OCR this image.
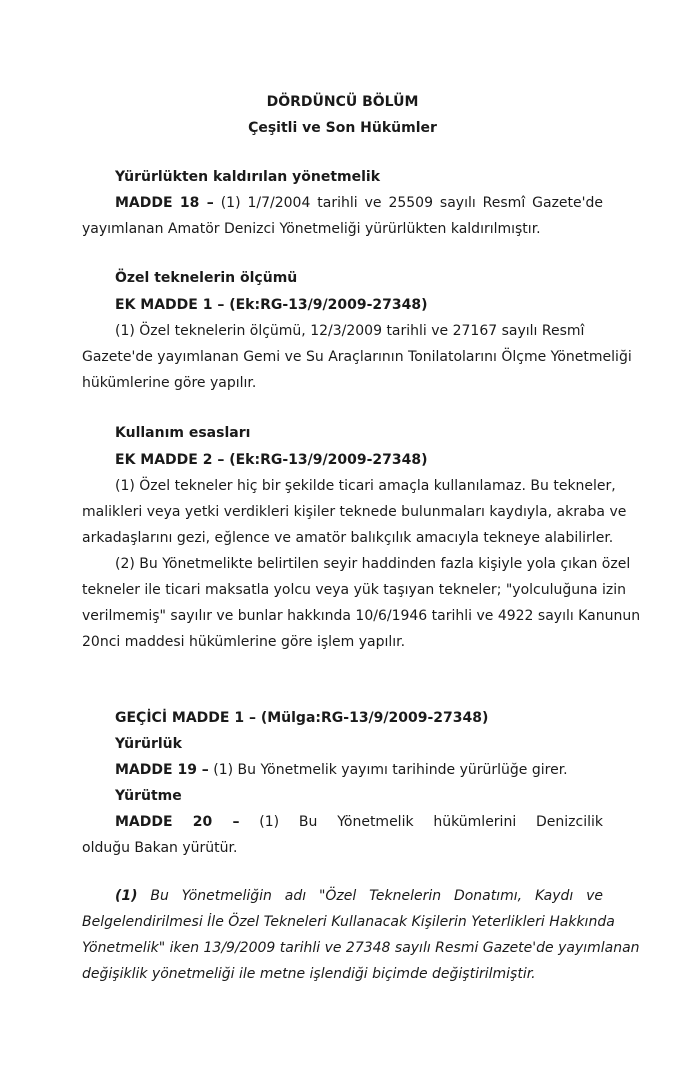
DÖRDÜNCÜ BÖLÜM
Çeşitli ve Son Hükümler
Yürürlükten kaldırılan yönetmelik
MADDE 18 – (1) 1/7/2004 tarihli ve 25509 sayılı Resmî Gazete'de
yayımlanan Amatör Denizci Yönetmeliği yürürlükten kaldırılmıştır.
Özel teknelerin ölçümü
EK MADDE 1 – (Ek:RG-13/9/2009-27348)
(1) Özel teknelerin ölçümü, 12/3/2009 tarihli ve 27167 sayılı Resmî
Gazete'de yayımlanan Gemi ve Su Araçlarının Tonilatolarını Ölçme Yönetmeliği
hükümlerine göre yapılır.
Kullanım esasları
EK MADDE 2 – (Ek:RG-13/9/2009-27348)
(1) Özel tekneler hiç bir şekilde ticari amaçla kullanılamaz. Bu tekneler,
malikleri veya yetki verdikleri kişiler teknede bulunmaları kaydıyla, akraba ve
arkadaşlarını gezi, eğlence ve amatör balıkçılık amacıyla tekneye alabilirler.
(2) Bu Yönetmelikte belirtilen seyir haddinden fazla kişiyle yola çıkan özel
tekneler ile ticari maksatla yolcu veya yük taşıyan tekneler; "yolculuğuna izin
verilmemiş" sayılır ve bunlar hakkında 10/6/1946 tarihli ve 4922 sayılı Kanunun
20nci maddesi hükümlerine göre işlem yapılır.
GEÇİCİ MADDE 1 – (Mülga:RG-13/9/2009-27348)
Yürürlük
MADDE 19 – (1) Bu Yönetmelik yayımı tarihinde yürürlüğe girer.
Yürütme
MADDE 20 – (1) Bu Yönetmelik hükümlerini Denizcilik
olduğu Bakan yürütür.
(1) Bu Yönetmeliğin adı "Özel Teknelerin Donatımı, Kaydı ve
Belgelendirilmesi İle Özel Tekneleri Kullanacak Kişilerin Yeterlikleri Hakkında
Yönetmelik" iken 13/9/2009 tarihli ve 27348 sayılı Resmi Gazete'de yayımlanan
değişiklik yönetmeliği ile metne işlendiği biçimde değiştirilmiştir.
